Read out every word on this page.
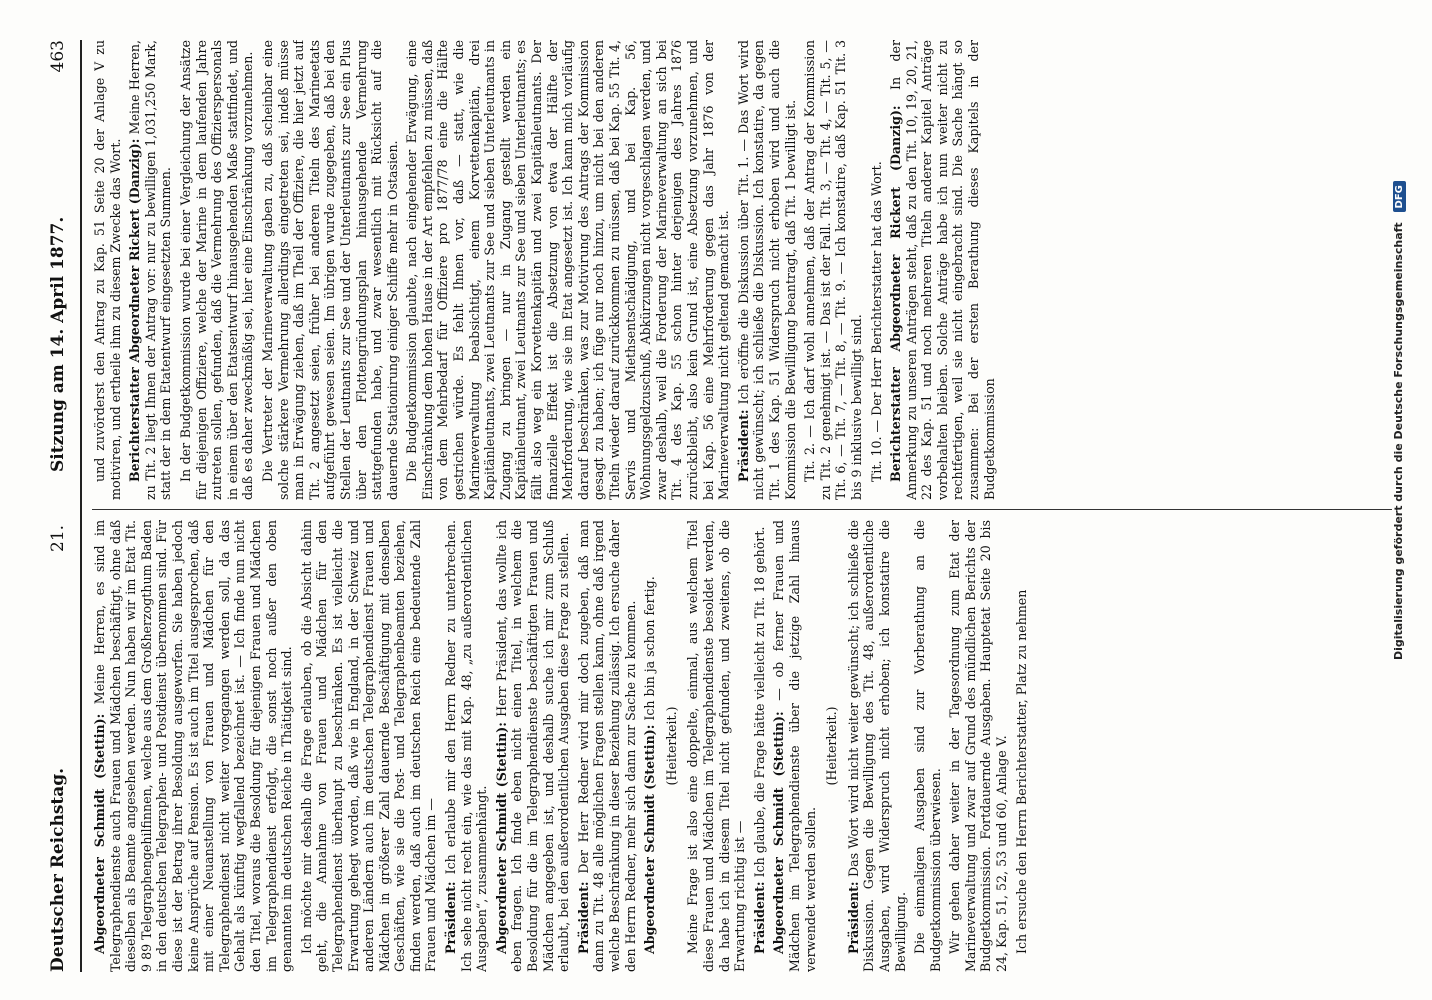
Deutscher Reichstag.
21.
Sitzung am 14. April 1877.
463

Abgeordneter Schmidt (Stettin): Meine Herren, es sind im Telegraphendienste auch Frauen und Mädchen beschäftigt, ohne daß dieselben als Beamte angesehen werden. Nun haben wir im Etat Tit. 9 89 Telegraphengehilfinnen, welche aus dem Großherzogthum Baden in den deutschen Telegraphen- und Postdienst übernommen sind. Für diese ist der Betrag ihrer Besoldung ausgeworfen. Sie haben jedoch keine Ansprüche auf Pension. Es ist auch im Titel ausgesprochen, daß mit einer Neuanstellung von Frauen und Mädchen für den Telegraphendienst nicht weiter vorgegangen werden soll, da das Gehalt als künftig wegfallend bezeichnet ist. — Ich finde nun nicht den Titel, woraus die Besoldung für diejenigen Frauen und Mädchen im Telegraphendienst erfolgt, die sonst noch außer den oben genannten im deutschen Reiche in Thätigkeit sind. Ich möchte mir deshalb die Frage erlauben, ob die Absicht dahin geht, die Annahme von Frauen und Mädchen für den Telegraphendienst überhaupt zu beschränken. Es ist vielleicht die Erwartung gehegt worden, daß wie in England, in der Schweiz und anderen Ländern auch im deutschen Telegraphendienst Frauen und Mädchen in größerer Zahl dauernde Beschäftigung mit denselben Geschäften, wie sie die Post- und Telegraphenbeamten beziehen, finden werden, daß auch im deutschen Reich eine bedeutende Zahl Frauen und Mädchen im — Präsident: Ich erlaube mir den Herrn Redner zu unterbrechen. Ich sehe nicht recht ein, wie das mit Kap. 48, „zu außerordentlichen Ausgaben“, zusammenhängt. Abgeordneter Schmidt (Stettin): Herr Präsident, das wollte ich eben fragen. Ich finde eben nicht einen Titel, in welchem die Besoldung für die im Telegraphendienste beschäftigten Frauen und Mädchen angegeben ist, und deshalb suche ich mir zum Schluß erlaubt, bei den außerordentlichen Ausgaben diese Frage zu stellen. Präsident: Der Herr Redner wird mir doch zugeben, daß man dann zu Tit. 48 alle möglichen Fragen stellen kann, ohne daß irgend welche Beschränkung in dieser Beziehung zulässig. Ich ersuche daher den Herrn Redner, mehr sich dann zur Sache zu kommen. Abgeordneter Schmidt (Stettin): Ich bin ja schon fertig.

(Heiterkeit.) Meine Frage ist also eine doppelte, einmal, aus welchem Titel diese Frauen und Mädchen im Telegraphendienste besoldet werden, da habe ich in diesem Titel nicht gefunden, und zweitens, ob die Erwartung richtig ist — Präsident: Ich glaube, die Frage hätte vielleicht zu Tit. 18 gehört. Abgeordneter Schmidt (Stettin): — ob ferner Frauen und Mädchen im Telegraphendienste über die jetzige Zahl hinaus verwendet werden sollen.

(Heiterkeit.)

Präsident: Das Wort wird nicht weiter gewünscht; ich schließe die Diskussion. Gegen die Bewilligung des Tit. 48, außerordentliche Ausgaben, wird Widerspruch nicht erhoben; ich konstatire die Bewilligung. Die einmaligen Ausgaben sind zur Vorberathung an die Budgetkommission überwiesen. Wir gehen daher weiter in der Tagesordnung zum Etat der Marineverwaltung und zwar auf Grund des mündlichen Berichts der Budgetkommission. Fortdauernde Ausgaben. Hauptetat Seite 20 bis 24, Kap. 51, 52, 53 und 60, Anlage V. Ich ersuche den Herrn Berichterstatter, Platz zu nehmen

und zuvörderst den Antrag zu Kap. 51 Seite 20 der Anlage V zu motiviren, und ertheile ihm zu diesem Zwecke das Wort. Berichterstatter Abgeordneter Rickert (Danzig): Meine Herren, zu Tit. 2 liegt Ihnen der Antrag vor: nur zu bewilligen 1,031,250 Mark, statt der in dem Etatentwurf eingesetzten Summen. In der Budgetkommission wurde bei einer Vergleichung der Ansätze für diejenigen Offiziere, welche der Marine in dem laufenden Jahre zutreten sollen, gefunden, daß die Vermehrung des Offizierspersonals in einem über den Etatsentwurf hinausgehenden Maße stattfindet, und daß es daher zweckmäßig sei, hier eine Einschränkung vorzunehmen. Die Vertreter der Marineverwaltung gaben zu, daß scheinbar eine solche stärkere Vermehrung allerdings eingetreten sei, indeß müsse man in Erwägung ziehen, daß im Theil der Offiziere, die hier jetzt auf Tit. 2 angesetzt seien, früher bei anderen Titeln des Marineetats aufgeführt gewesen seien. Im übrigen wurde zugegeben, daß bei den Stellen der Leutnants zur See und der Unterleutnants zur See ein Plus über den Flottengründungsplan hinausgehende Vermehrung stattgefunden habe, und zwar wesentlich mit Rücksicht auf die dauernde Stationirung einiger Schiffe mehr in Ostasien. Die Budgetkommission glaubte, nach eingehender Erwägung, eine Einschränkung dem hohen Hause in der Art empfehlen zu müssen, daß von dem Mehrbedarf für Offiziere pro 1877/78 eine die Hälfte gestrichen würde. Es fehlt Ihnen vor, daß — statt, wie die Marineverwaltung beabsichtigt, einem Korvettenkapitän, drei Kapitänleutnants, zwei Leutnants zur See und sieben Unterleutnants in Zugang zu bringen — nur in Zugang gestellt werden ein Kapitänleutnant, zwei Leutnants zur See und sieben Unterleutnants; es fällt also weg ein Korvettenkapitän und zwei Kapitänleutnants. Der finanzielle Effekt ist die Absetzung von etwa der Hälfte der Mehrforderung, wie sie im Etat angesetzt ist. Ich kann mich vorläufig darauf beschränken, was zur Motivirung des Antrags der Kommission gesagt zu haben; ich füge nur noch hinzu, um nicht bei den anderen Titeln wieder darauf zurückkommen zu müssen, daß bei Kap. 55 Tit. 4, Servis und Miethsentschädigung, und bei Kap. 56, Wohnungsgeldzuschuß, Abkürzungen nicht vorgeschlagen werden, und zwar deshalb, weil die Forderung der Marineverwaltung an sich bei Tit. 4 des Kap. 55 schon hinter derjenigen des Jahres 1876 zurückbleibt, also kein Grund ist, eine Absetzung vorzunehmen, und bei Kap. 56 eine Mehrforderung gegen das Jahr 1876 von der Marineverwaltung nicht geltend gemacht ist. Präsident: Ich eröffne die Diskussion über Tit. 1. — Das Wort wird nicht gewünscht; ich schließe die Diskussion. Ich konstatire, da gegen Tit. 1 des Kap. 51 Widerspruch nicht erhoben wird und auch die Kommission die Bewilligung beantragt, daß Tit. 1 bewilligt ist. Tit. 2. — Ich darf wohl annehmen, daß der Antrag der Kommission zu Tit. 2 genehmigt ist. — Das ist der Fall. Tit. 3, — Tit. 4, — Tit. 5, — Tit. 6, — Tit. 7, — Tit. 8, — Tit. 9. — Ich konstatire, daß Kap. 51 Tit. 3 bis 9 inklusive bewilligt sind. Tit. 10. — Der Herr Berichterstatter hat das Wort. Berichterstatter Abgeordneter Rickert (Danzig): In der Anmerkung zu unseren Anträgen steht, daß zu den Tit. 10, 19, 20, 21, 22 des Kap. 51 und noch mehreren Titeln anderer Kapitel Anträge vorbehalten bleiben. Solche Anträge habe ich nun weiter nicht zu rechtfertigen, weil sie nicht eingebracht sind. Die Sache hängt so zusammen: Bei der ersten Berathung dieses Kapitels in der Budgetkommission	Digitalisierung gefördert durch die Deutsche Forschungsgemeinschaft DFG
